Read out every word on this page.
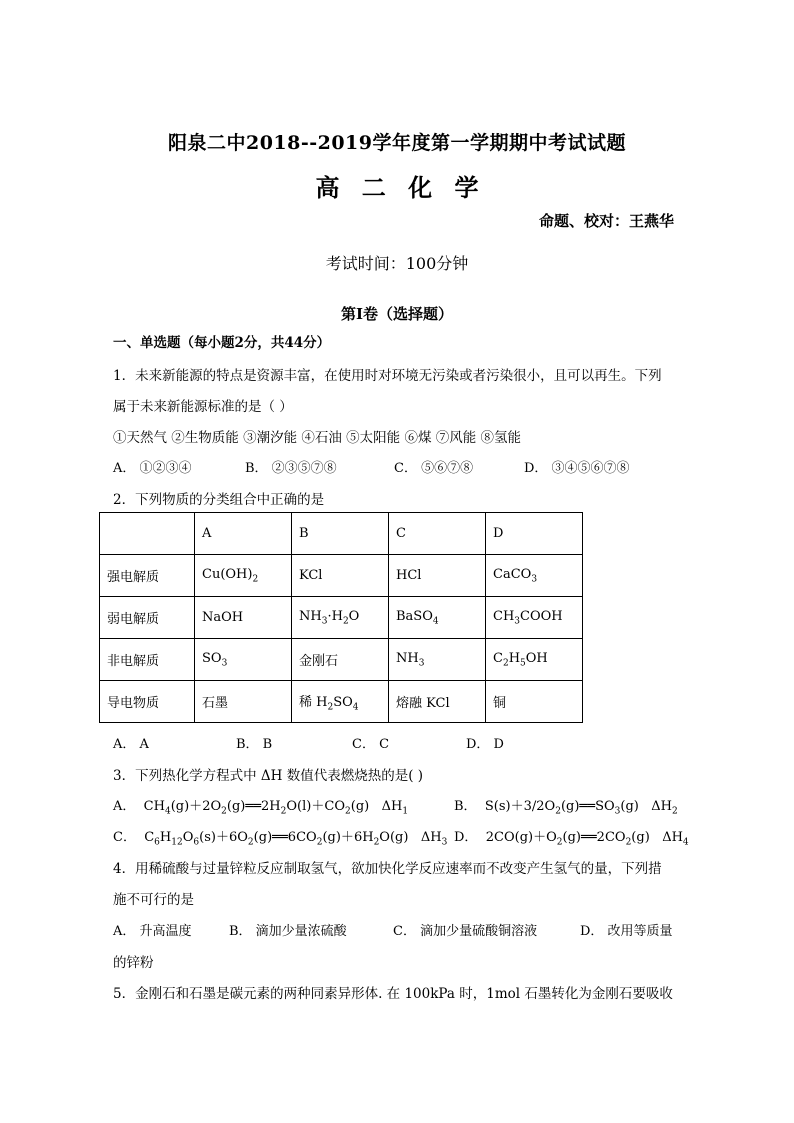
阳泉二中2018--2019学年度第一学期期中考试试题
高 二 化 学
命题、校对：王燕华
考试时间：100分钟
第Ⅰ卷（选择题）
一、单选题（每小题2分，共44分）
1．未来新能源的特点是资源丰富，在使用时对环境无污染或者污染很小，且可以再生。下列
属于未来新能源标准的是（ ）
①天然气 ②生物质能 ③潮汐能 ④石油 ⑤太阳能 ⑥煤 ⑦风能 ⑧氢能
A． ①②③④	B． ②③⑤⑦⑧	C． ⑤⑥⑦⑧	D． ③④⑤⑥⑦⑧
2．下列物质的分类组合中正确的是
	A	B	C	D
强电解质	$Cu(OH)_2$	KCl	HCl	CaCO$_3$
弱电解质	NaOH	$NH_3\cdot H_2O$	BaSO$_4$	$CH_3COOH$
非电解质	$SO_3$	金刚石	$NH_3$	$C_2H_5OH$
导电物质	石墨	稀 $H_2SO_4$	熔融 KCl	铜
A． A	B． B	C． C	D． D
3．下列热化学方程式中 ΔH 数值代表燃烧热的是( )
A． $CH_4(g)+2O_2(g)══2H_2O(l)+CO_2(g)$ $\Delta H_1$	B． $S(s)+3/2O_2(g)══SO_3(g)$ $\Delta H_2$
C． $C_6H_{12}O_6(s)+6O_2(g)══6CO_2(g)+6H_2O(g)$ $\Delta H_3$ D． $2CO(g)+O_2(g)══2CO_2(g)$ $\Delta H_4$
4．用稀硫酸与过量锌粒反应制取氢气，欲加快化学反应速率而不改变产生氢气的量，下列措
施不可行的是
A． 升高温度	B． 滴加少量浓硫酸	C． 滴加少量硫酸铜溶液	D． 改用等质量
的锌粉
5．金刚石和石墨是碳元素的两种同素异形体. 在 100kPa 时，1mol 石墨转化为金刚石要吸收
